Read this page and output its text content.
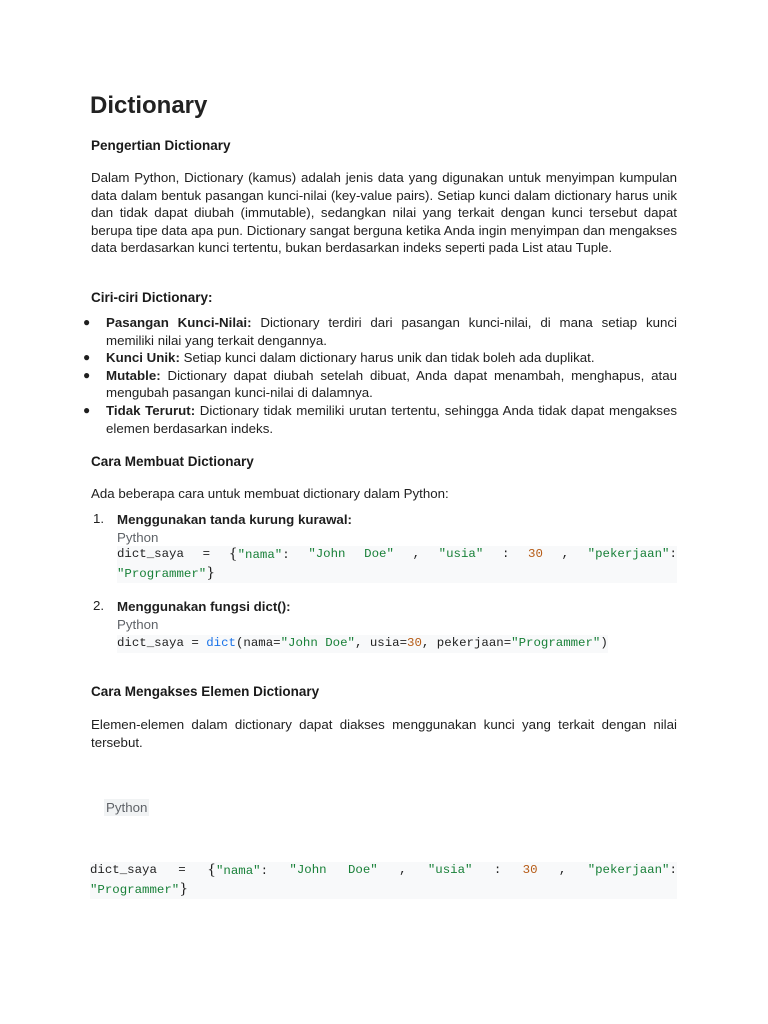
Dictionary
Pengertian Dictionary
Dalam Python, Dictionary (kamus) adalah jenis data yang digunakan untuk menyimpan kumpulan data dalam bentuk pasangan kunci-nilai (key-value pairs). Setiap kunci dalam dictionary harus unik dan tidak dapat diubah (immutable), sedangkan nilai yang terkait dengan kunci tersebut dapat berupa tipe data apa pun. Dictionary sangat berguna ketika Anda ingin menyimpan dan mengakses data berdasarkan kunci tertentu, bukan berdasarkan indeks seperti pada List atau Tuple.
Ciri-ciri Dictionary:
● Pasangan Kunci-Nilai: Dictionary terdiri dari pasangan kunci-nilai, di mana setiap kunci memiliki nilai yang terkait dengannya.
● Kunci Unik: Setiap kunci dalam dictionary harus unik dan tidak boleh ada duplikat.
● Mutable: Dictionary dapat diubah setelah dibuat, Anda dapat menambah, menghapus, atau mengubah pasangan kunci-nilai di dalamnya.
● Tidak Terurut: Dictionary tidak memiliki urutan tertentu, sehingga Anda tidak dapat mengakses elemen berdasarkan indeks.
Cara Membuat Dictionary
Ada beberapa cara untuk membuat dictionary dalam Python:
1. Menggunakan tanda kurung kurawal:
Python
dict_saya = {"nama": "John Doe" , "usia" : 30 , "pekerjaan":
"Programmer"}
2. Menggunakan fungsi dict():
Python
dict_saya = dict(nama="John Doe", usia=30, pekerjaan="Programmer")
Cara Mengakses Elemen Dictionary
Elemen-elemen dalam dictionary dapat diakses menggunakan kunci yang terkait dengan nilai tersebut.
Python
dict_saya = {"nama": "John Doe" , "usia" : 30 , "pekerjaan":
"Programmer"}
